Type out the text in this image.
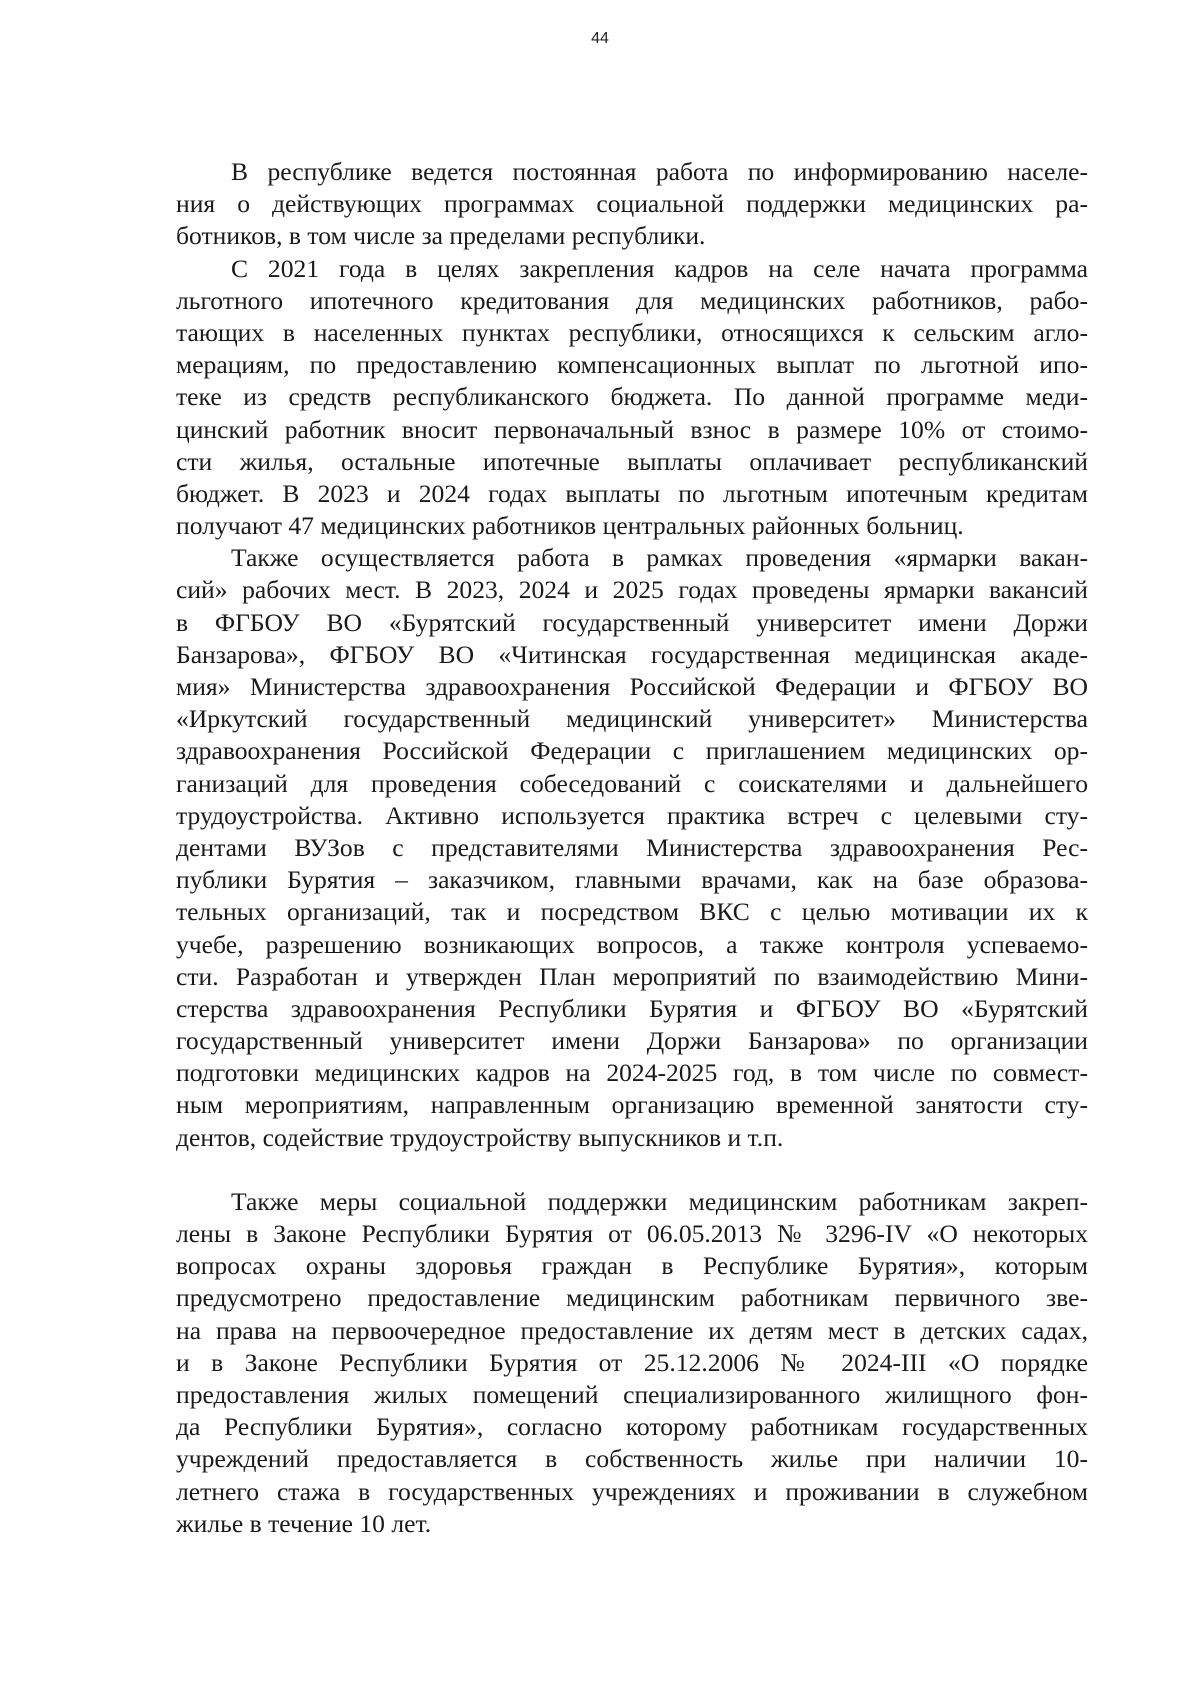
44
В республике ведется постоянная работа по информированию населе-
ния о действующих программах социальной поддержки медицинских ра-
ботников, в том числе за пределами республики.
С 2021 года в целях закрепления кадров на селе начата программа
льготного ипотечного кредитования для медицинских работников, рабо-
тающих в населенных пунктах республики, относящихся к сельским агло-
мерациям, по предоставлению компенсационных выплат по льготной ипо-
теке из средств республиканского бюджета. По данной программе меди-
цинский работник вносит первоначальный взнос в размере 10% от стоимо-
сти жилья, остальные ипотечные выплаты оплачивает республиканский
бюджет. В 2023 и 2024 годах выплаты по льготным ипотечным кредитам
получают 47 медицинских работников центральных районных больниц.
Также осуществляется работа в рамках проведения «ярмарки вакан-
сий» рабочих мест. В 2023, 2024 и 2025 годах проведены ярмарки вакансий
в ФГБОУ ВО «Бурятский государственный университет имени Доржи
Банзарова», ФГБОУ ВО «Читинская государственная медицинская акаде-
мия» Министерства здравоохранения Российской Федерации и ФГБОУ ВО
«Иркутский государственный медицинский университет» Министерства
здравоохранения Российской Федерации с приглашением медицинских ор-
ганизаций для проведения собеседований с соискателями и дальнейшего
трудоустройства. Активно используется практика встреч с целевыми сту-
дентами ВУЗов с представителями Министерства здравоохранения Рес-
публики Бурятия – заказчиком, главными врачами, как на базе образова-
тельных организаций, так и посредством ВКС с целью мотивации их к
учебе, разрешению возникающих вопросов, а также контроля успеваемо-
сти. Разработан и утвержден План мероприятий по взаимодействию Мини-
стерства здравоохранения Республики Бурятия и ФГБОУ ВО «Бурятский
государственный университет имени Доржи Банзарова» по организации
подготовки медицинских кадров на 2024-2025 год, в том числе по совмест-
ным мероприятиям, направленным организацию временной занятости сту-
дентов, содействие трудоустройству выпускников и т.п.
Также меры социальной поддержки медицинским работникам закреп-
лены в Законе Республики Бурятия от 06.05.2013 № 3296-IV «О некоторых
вопросах охраны здоровья граждан в Республике Бурятия», которым
предусмотрено предоставление медицинским работникам первичного зве-
на права на первоочередное предоставление их детям мест в детских садах,
и в Законе Республики Бурятия от 25.12.2006 № 2024-III «О порядке
предоставления жилых помещений специализированного жилищного фон-
да Республики Бурятия», согласно которому работникам государственных
учреждений предоставляется в собственность жилье при наличии 10-
летнего стажа в государственных учреждениях и проживании в служебном
жилье в течение 10 лет.
